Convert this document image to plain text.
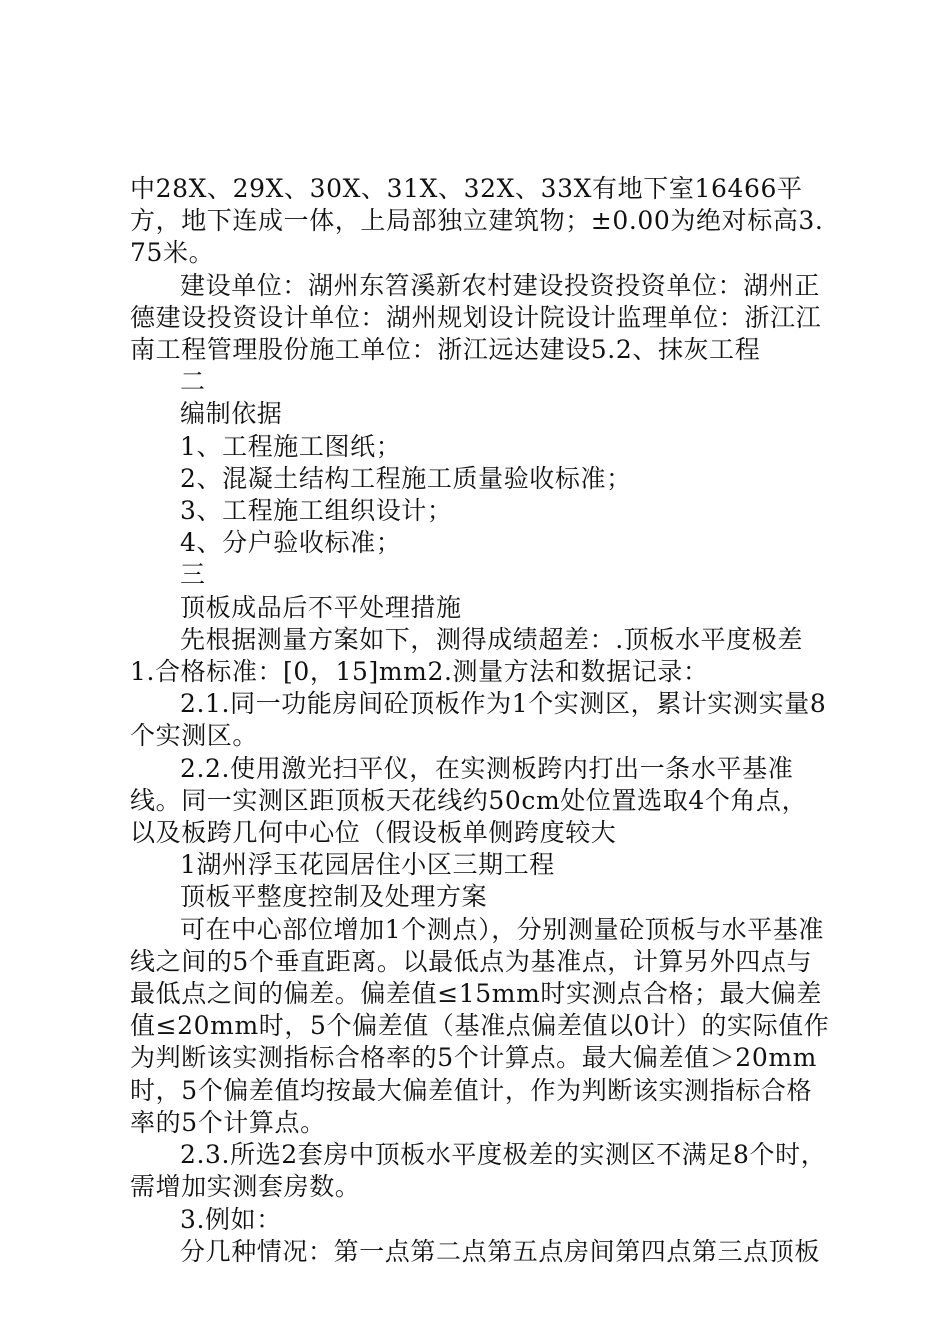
中28X、29X、30X、31X、32X、33X有地下室16466平方，地下连成一体，上局部独立建筑物；±0.00为绝对标高3.75米。

建设单位：湖州东笤溪新农村建设投资投资单位：湖州正德建设投资设计单位：湖州规划设计院设计监理单位：浙江江南工程管理股份施工单位：浙江远达建设5.2、抹灰工程

二

编制依据

1、工程施工图纸；

2、混凝土结构工程施工质量验收标准；

3、工程施工组织设计；

4、分户验收标准；

三

顶板成品后不平处理措施

先根据测量方案如下，测得成绩超差：.顶板水平度极差

1.合格标准：[0，15]mm2.测量方法和数据记录：

2.1.同一功能房间砼顶板作为1个实测区，累计实测实量8个实测区。

2.2.使用激光扫平仪，在实测板跨内打出一条水平基准线。同一实测区距顶板天花线约50cm处位置选取4个角点，以及板跨几何中心位（假设板单侧跨度较大

1湖州浮玉花园居住小区三期工程

顶板平整度控制及处理方案

可在中心部位增加1个测点），分别测量砼顶板与水平基准线之间的5个垂直距离。以最低点为基准点，计算另外四点与最低点之间的偏差。偏差值≤15mm时实测点合格；最大偏差值≤20mm时，5个偏差值（基准点偏差值以0计）的实际值作为判断该实测指标合格率的5个计算点。最大偏差值＞20mm时，5个偏差值均按最大偏差值计，作为判断该实测指标合格率的5个计算点。

2.3.所选2套房中顶板水平度极差的实测区不满足8个时，需增加实测套房数。

3.例如：

分几种情况：第一点第二点第五点房间第四点第三点顶板
